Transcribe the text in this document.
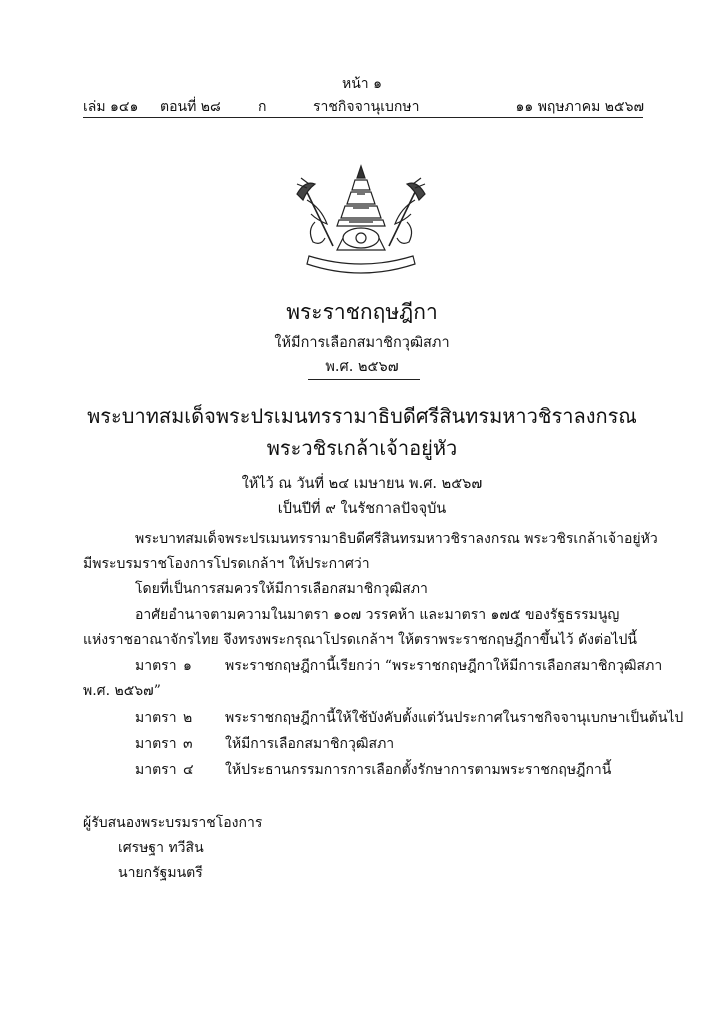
หน้า ๑
เล่ม ๑๔๑ ตอนที่ ๒๘	ก	ราชกิจจานุเบกษา	๑๑ พฤษภาคม ๒๕๖๗
พระราชกฤษฎีกา
ให้มีการเลือกสมาชิกวุฒิสภา
พ.ศ. ๒๕๖๗
พระบาทสมเด็จพระปรเมนทรรามาธิบดีศรีสินทรมหาวชิราลงกรณ
พระวชิรเกล้าเจ้าอยู่หัว
ให้ไว้ ณ วันที่ ๒๔ เมษายน พ.ศ. ๒๕๖๗
เป็นปีที่ ๙ ในรัชกาลปัจจุบัน
พระบาทสมเด็จพระปรเมนทรรามาธิบดีศรีสินทรมหาวชิราลงกรณ พระวชิรเกล้าเจ้าอยู่หัว
มีพระบรมราชโองการโปรดเกล้าฯ ให้ประกาศว่า
โดยที่เป็นการสมควรให้มีการเลือกสมาชิกวุฒิสภา
อาศัยอำนาจตามความในมาตรา ๑๐๗ วรรคห้า และมาตรา ๑๗๕ ของรัฐธรรมนูญ
แห่งราชอาณาจักรไทย จึงทรงพระกรุณาโปรดเกล้าฯ ให้ตราพระราชกฤษฎีกาขึ้นไว้ ดังต่อไปนี้
มาตรา ๑ พระราชกฤษฎีกานี้เรียกว่า “พระราชกฤษฎีกาให้มีการเลือกสมาชิกวุฒิสภา
พ.ศ. ๒๕๖๗”
มาตรา ๒ พระราชกฤษฎีกานี้ให้ใช้บังคับตั้งแต่วันประกาศในราชกิจจานุเบกษาเป็นต้นไป
มาตรา ๓ ให้มีการเลือกสมาชิกวุฒิสภา
มาตรา ๔ ให้ประธานกรรมการการเลือกตั้งรักษาการตามพระราชกฤษฎีกานี้
ผู้รับสนองพระบรมราชโองการ
เศรษฐา ทวีสิน
นายกรัฐมนตรี
